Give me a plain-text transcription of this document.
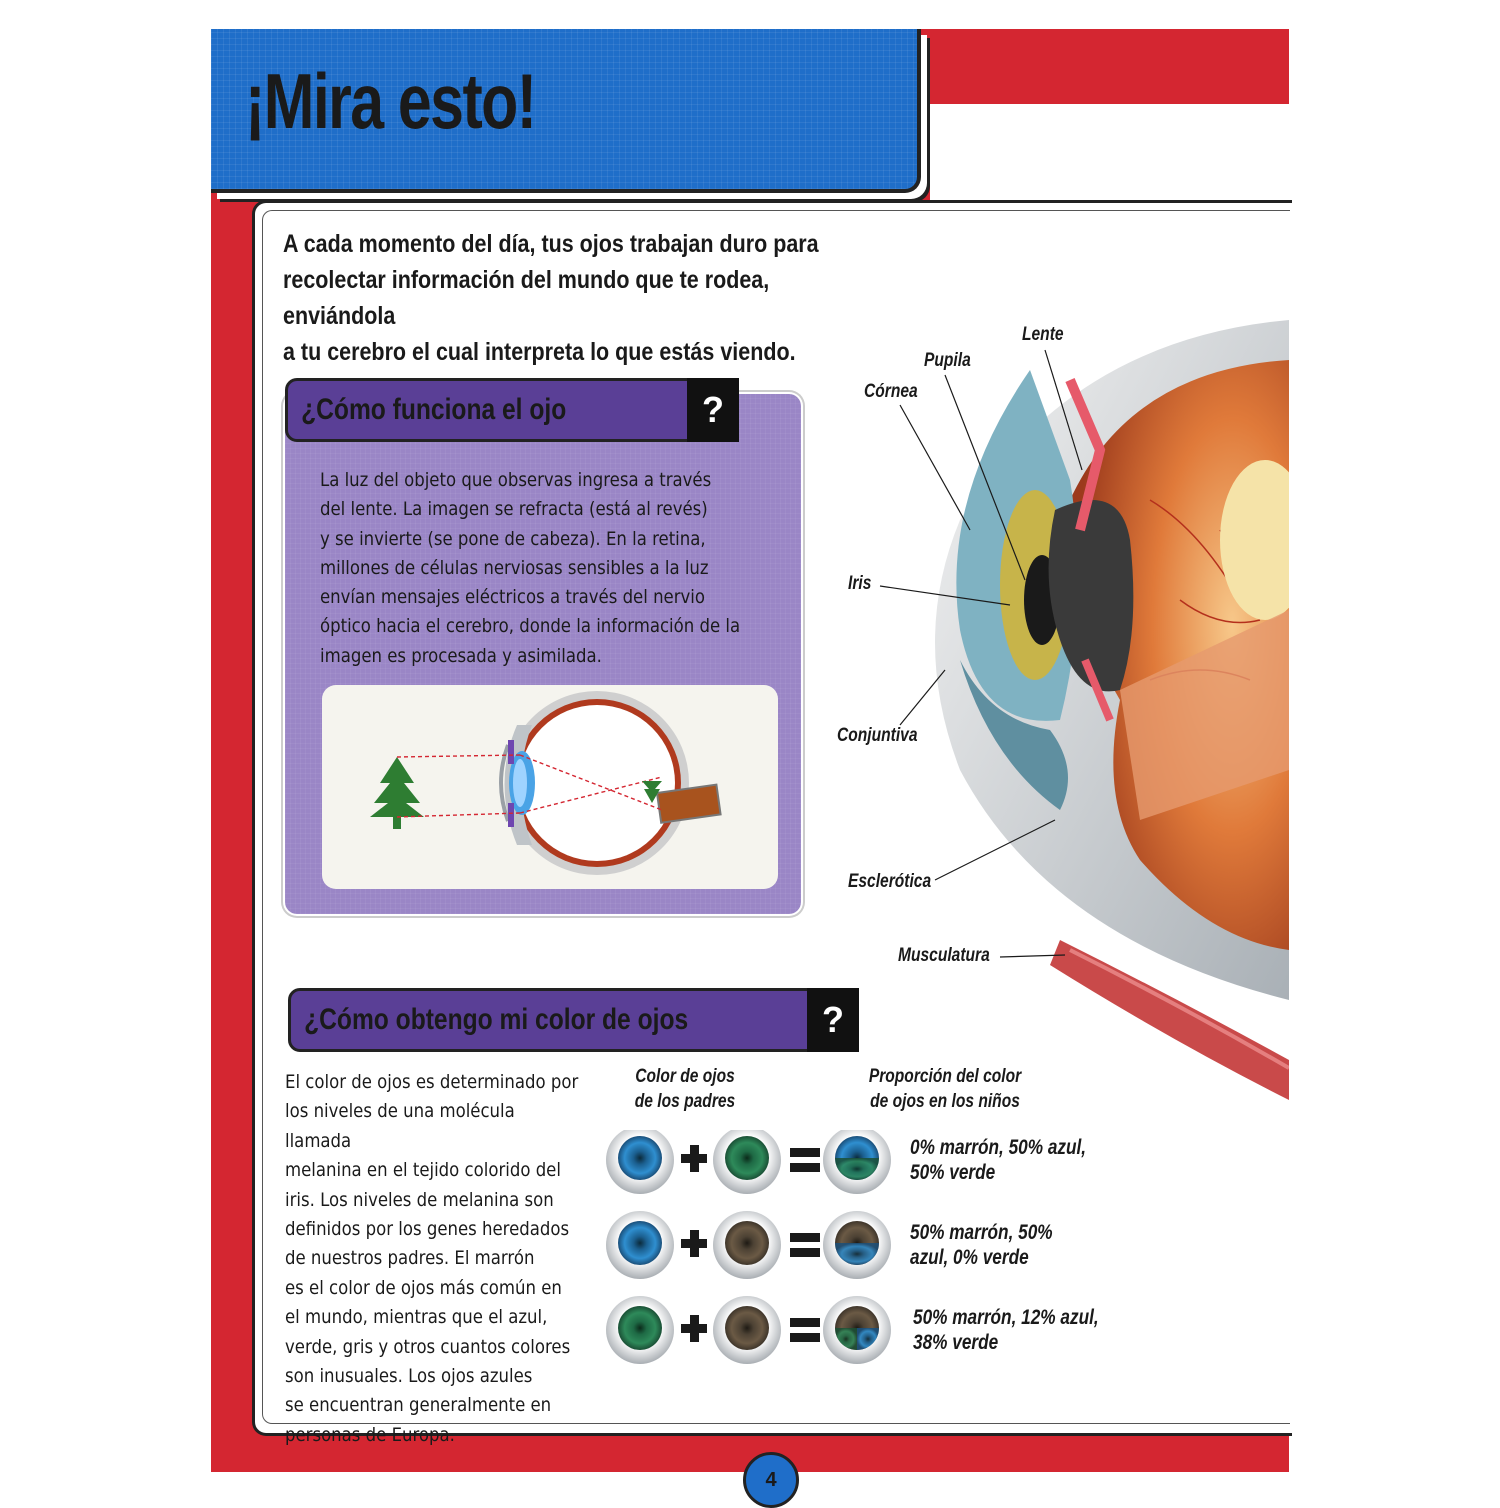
¡Mira esto!

A cada momento del día, tus ojos trabajan duro para
recolectar información del mundo que te rodea, enviándola
a tu cerebro el cual interpreta lo que estás viendo.

¿Cómo funciona el ojo	?

La luz del objeto que observas ingresa a través
del lente. La imagen se refracta (está al revés)
y se invierte (se pone de cabeza). En la retina,
millones de células nerviosas sensibles a la luz
envían mensajes eléctricos a través del nervio
óptico hacia el cerebro, donde la información de la
imagen es procesada y asimilada.

Lente
Pupila
Córnea
Iris
Conjuntiva
Esclerótica
Musculatura
¿Cómo obtengo mi color de ojos	?

El color de ojos es determinado por
los niveles de una molécula llamada
melanina en el tejido colorido del
iris. Los niveles de melanina son
definidos por los genes heredados
de nuestros padres. El marrón
es el color de ojos más común en
el mundo, mientras que el azul,
verde, gris y otros cuantos colores
son inusuales. Los ojos azules
se encuentran generalmente en
personas de Europa.

Color de ojos
de los padres
Proporción del color
de ojos en los niños
0% marrón, 50% azul,
50% verde
50% marrón, 50%
azul, 0% verde
50% marrón, 12% azul,
38% verde
4
